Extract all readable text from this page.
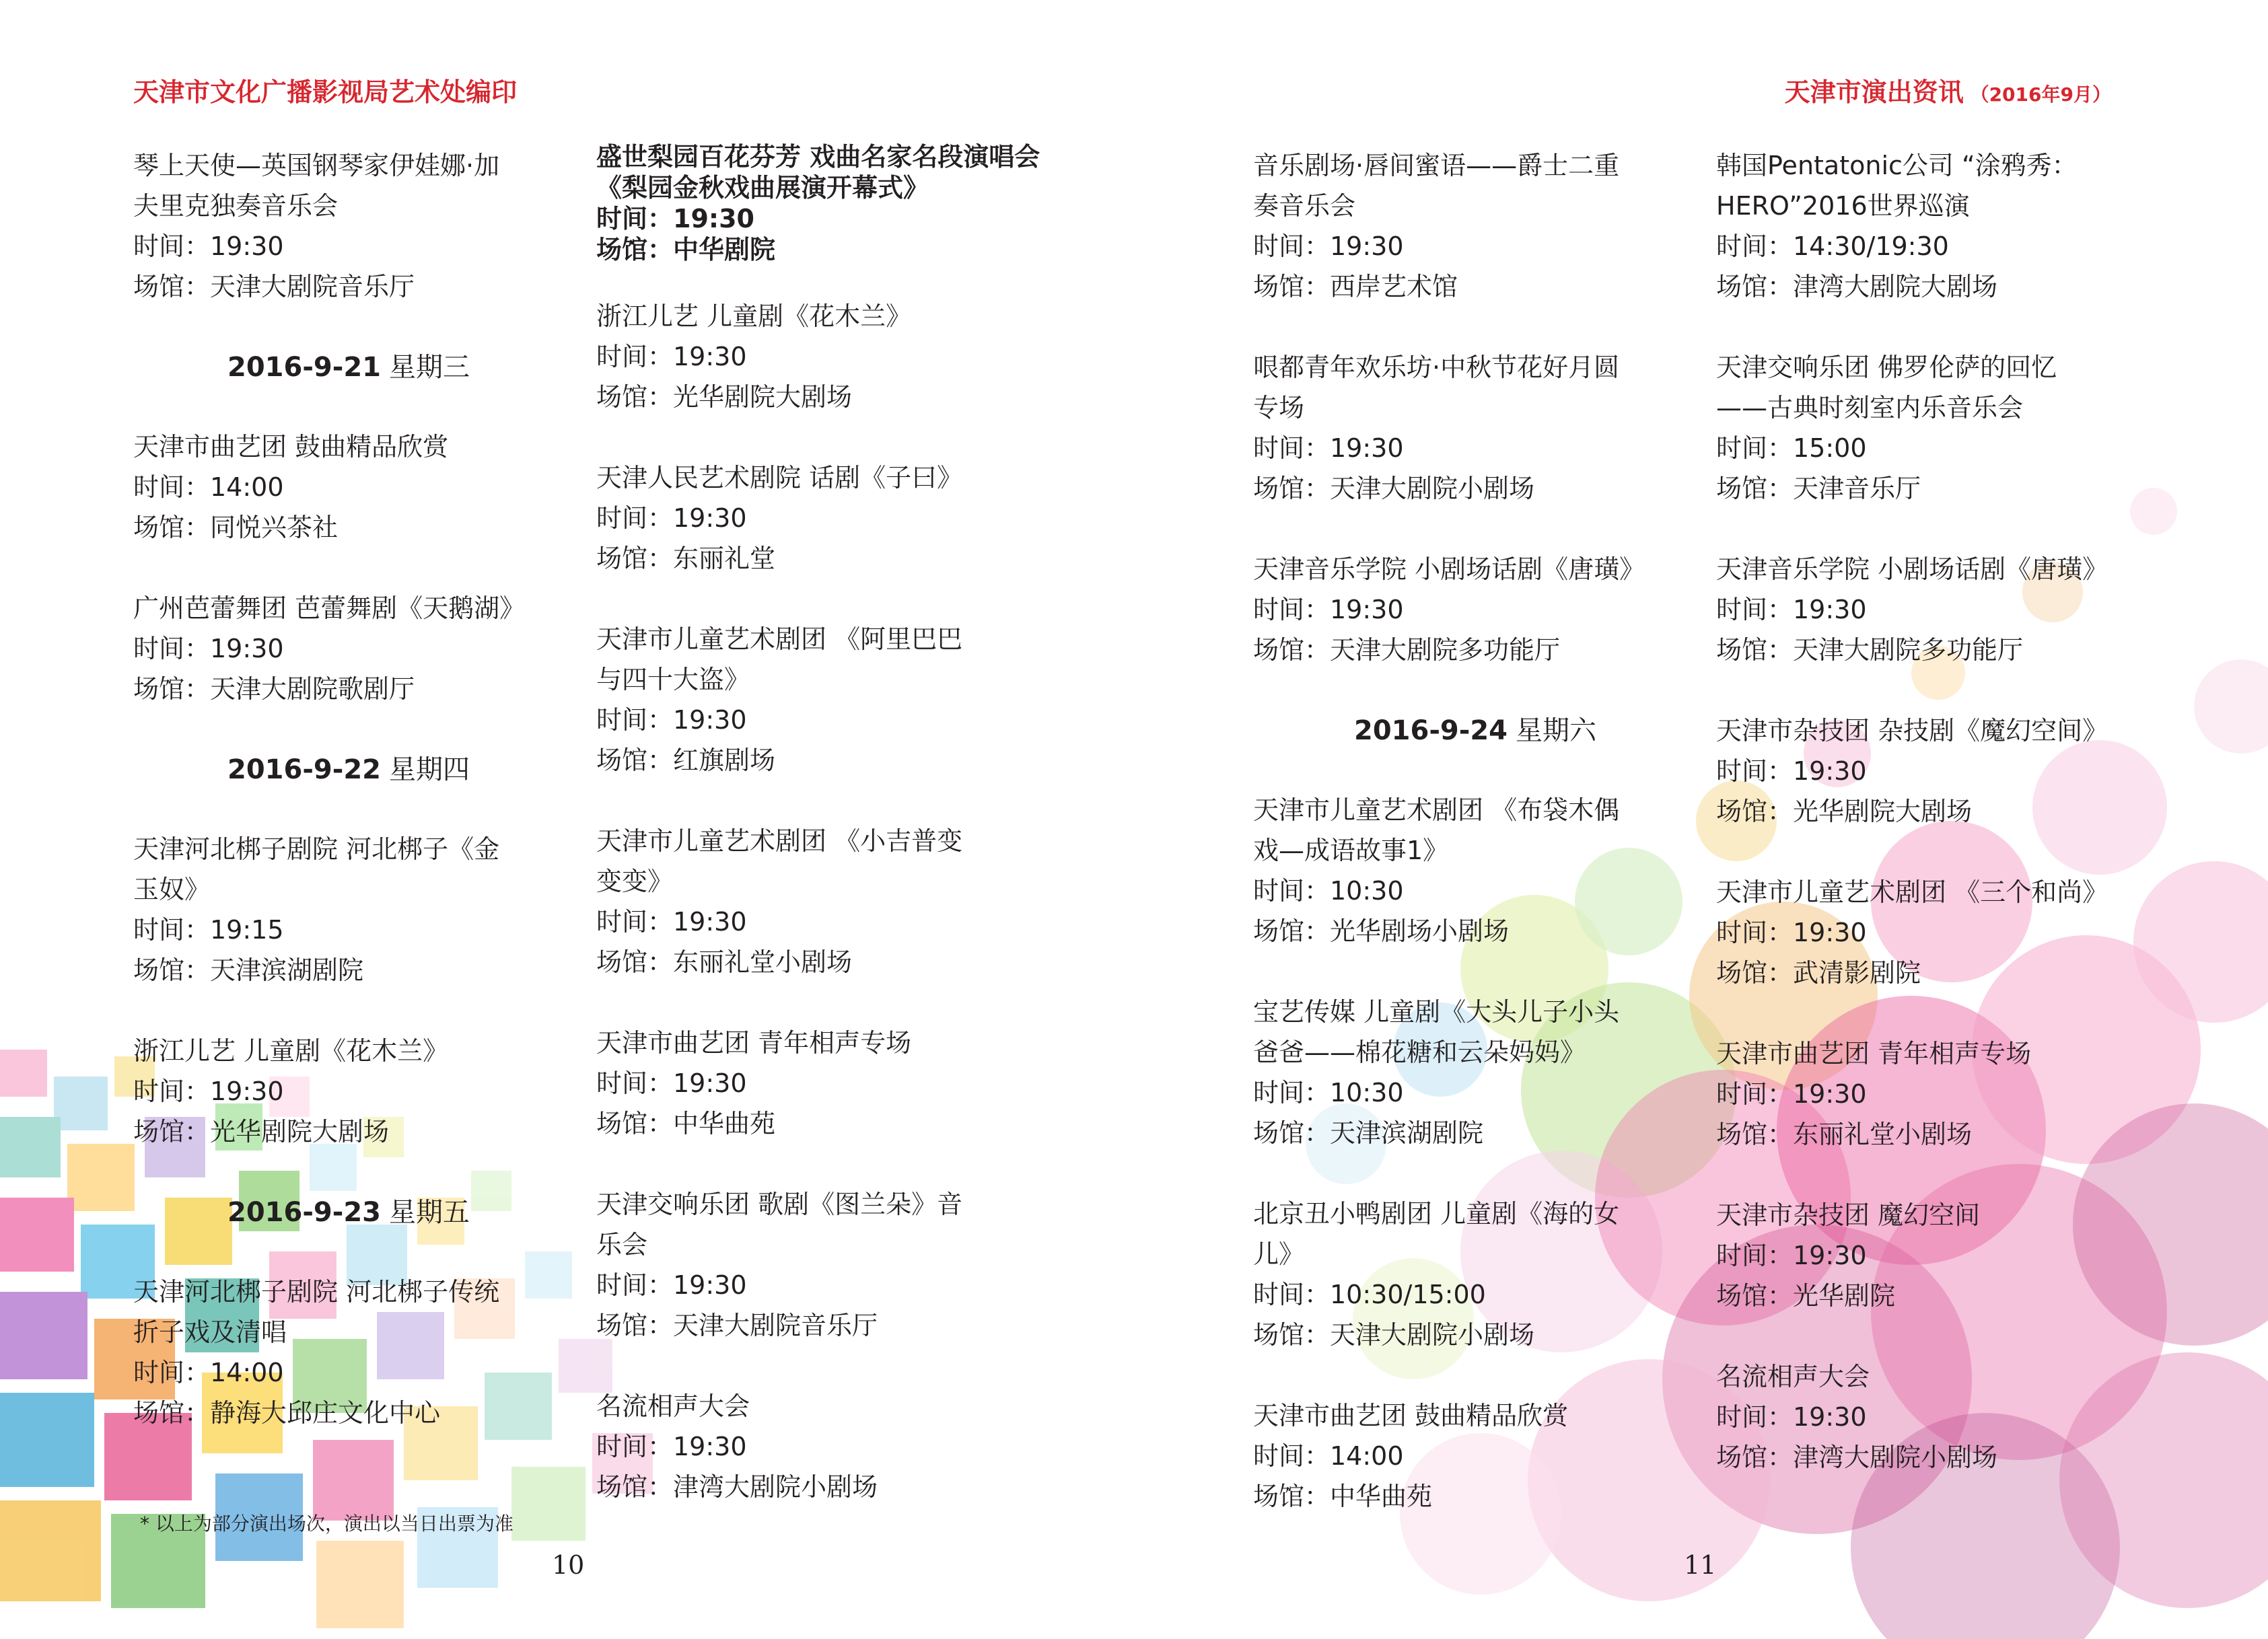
天津市文化广播影视局艺术处编印	天津市演出资讯 （2016年9月）
琴上天使—英国钢琴家伊娃娜·加
夫里克独奏音乐会
时间：19:30
场馆：天津大剧院音乐厅
2016-9-21 星期三
天津市曲艺团 鼓曲精品欣赏
时间：14:00
场馆：同悦兴茶社
广州芭蕾舞团 芭蕾舞剧《天鹅湖》
时间：19:30
场馆：天津大剧院歌剧厅
2016-9-22 星期四
天津河北梆子剧院 河北梆子《金
玉奴》
时间：19:15
场馆：天津滨湖剧院
浙江儿艺 儿童剧《花木兰》
时间：19:30
场馆：光华剧院大剧场
2016-9-23 星期五
天津河北梆子剧院 河北梆子传统
折子戏及清唱
时间：14:00
场馆：静海大邱庄文化中心
盛世梨园百花芬芳 戏曲名家名段演唱会
《梨园金秋戏曲展演开幕式》
时间：19:30
场馆：中华剧院
浙江儿艺 儿童剧《花木兰》
时间：19:30
场馆：光华剧院大剧场
天津人民艺术剧院 话剧《子曰》
时间：19:30
场馆：东丽礼堂
天津市儿童艺术剧团 《阿里巴巴
与四十大盗》
时间：19:30
场馆：红旗剧场
天津市儿童艺术剧团 《小吉普变
变变》
时间：19:30
场馆：东丽礼堂小剧场
天津市曲艺团 青年相声专场
时间：19:30
场馆：中华曲苑
天津交响乐团 歌剧《图兰朵》音
乐会
时间：19:30
场馆：天津大剧院音乐厅
名流相声大会
时间：19:30
场馆：津湾大剧院小剧场
音乐剧场·唇间蜜语——爵士二重
奏音乐会
时间：19:30
场馆：西岸艺术馆
哏都青年欢乐坊·中秋节花好月圆
专场
时间：19:30
场馆：天津大剧院小剧场
天津音乐学院 小剧场话剧《唐璜》
时间：19:30
场馆：天津大剧院多功能厅
2016-9-24 星期六
天津市儿童艺术剧团 《布袋木偶
戏—成语故事1》
时间：10:30
场馆：光华剧场小剧场
宝艺传媒 儿童剧《大头儿子小头
爸爸——棉花糖和云朵妈妈》
时间：10:30
场馆：天津滨湖剧院
北京丑小鸭剧团 儿童剧《海的女
儿》
时间：10:30/15:00
场馆：天津大剧院小剧场
天津市曲艺团 鼓曲精品欣赏
时间：14:00
场馆：中华曲苑
韩国Pentatonic公司 “涂鸦秀：
HERO”2016世界巡演
时间：14:30/19:30
场馆：津湾大剧院大剧场
天津交响乐团 佛罗伦萨的回忆
——古典时刻室内乐音乐会
时间：15:00
场馆：天津音乐厅
天津音乐学院 小剧场话剧《唐璜》
时间：19:30
场馆：天津大剧院多功能厅
天津市杂技团 杂技剧《魔幻空间》
时间：19:30
场馆：光华剧院大剧场
天津市儿童艺术剧团 《三个和尚》
时间：19:30
场馆：武清影剧院
天津市曲艺团 青年相声专场
时间：19:30
场馆：东丽礼堂小剧场
天津市杂技团 魔幻空间
时间：19:30
场馆：光华剧院
名流相声大会
时间：19:30
场馆：津湾大剧院小剧场
* 以上为部分演出场次，演出以当日出票为准
10	11
